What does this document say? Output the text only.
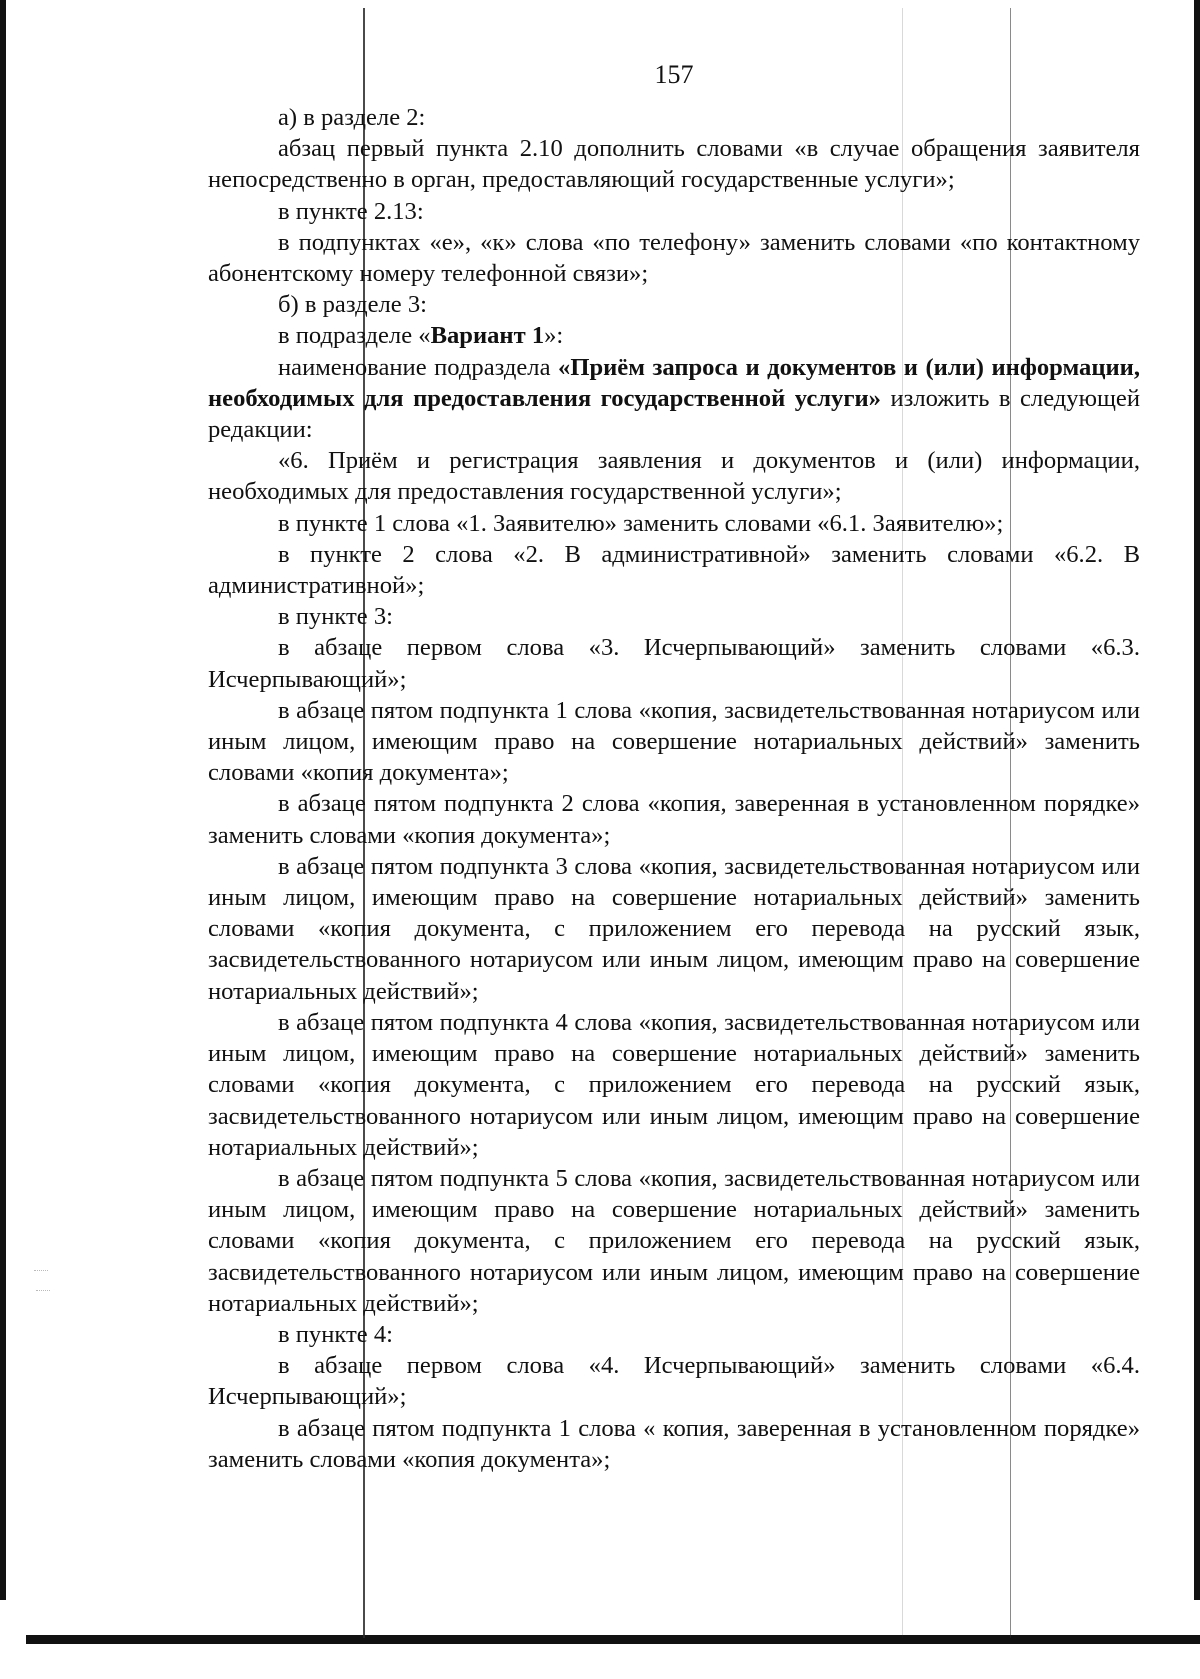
157

а) в разделе 2:

абзац первый пункта 2.10 дополнить словами «в случае обращения заявителя непосредственно в орган, предоставляющий государственные услуги»;

в пункте 2.13:

в подпунктах «е», «к» слова «по телефону» заменить словами «по контактному абонентскому номеру телефонной связи»;

б) в разделе 3:

в подразделе «Вариант 1»:

наименование подраздела «Приём запроса и документов и (или) информации, необходимых для предоставления государственной услуги» изложить в следующей редакции:

«6. Приём и регистрация заявления и документов и (или) информации, необходимых для предоставления государственной услуги»;

в пункте 1 слова «1. Заявителю» заменить словами «6.1. Заявителю»;

в пункте 2 слова «2. В административной» заменить словами «6.2. В административной»;

в пункте 3:

в абзаце первом слова «3. Исчерпывающий» заменить словами «6.3. Исчерпывающий»;

в абзаце пятом подпункта 1 слова «копия, засвидетельствованная нотариусом или иным лицом, имеющим право на совершение нотариальных действий» заменить словами «копия документа»;

в абзаце пятом подпункта 2 слова «копия, заверенная в установленном порядке» заменить словами «копия документа»;

в абзаце пятом подпункта 3 слова «копия, засвидетельствованная нотариусом или иным лицом, имеющим право на совершение нотариальных действий» заменить словами «копия документа, с приложением его перевода на русский язык, засвидетельствованного нотариусом или иным лицом, имеющим право на совершение нотариальных действий»;

в абзаце пятом подпункта 4 слова «копия, засвидетельствованная нотариусом или иным лицом, имеющим право на совершение нотариальных действий» заменить словами «копия документа, с приложением его перевода на русский язык, засвидетельствованного нотариусом или иным лицом, имеющим право на совершение нотариальных действий»;

в абзаце пятом подпункта 5 слова «копия, засвидетельствованная нотариусом или иным лицом, имеющим право на совершение нотариальных действий» заменить словами «копия документа, с приложением его перевода на русский язык, засвидетельствованного нотариусом или иным лицом, имеющим право на совершение нотариальных действий»;

в пункте 4:

в абзаце первом слова «4. Исчерпывающий» заменить словами «6.4. Исчерпывающий»;

в абзаце пятом подпункта 1 слова « копия, заверенная в установленном порядке» заменить словами «копия документа»;
